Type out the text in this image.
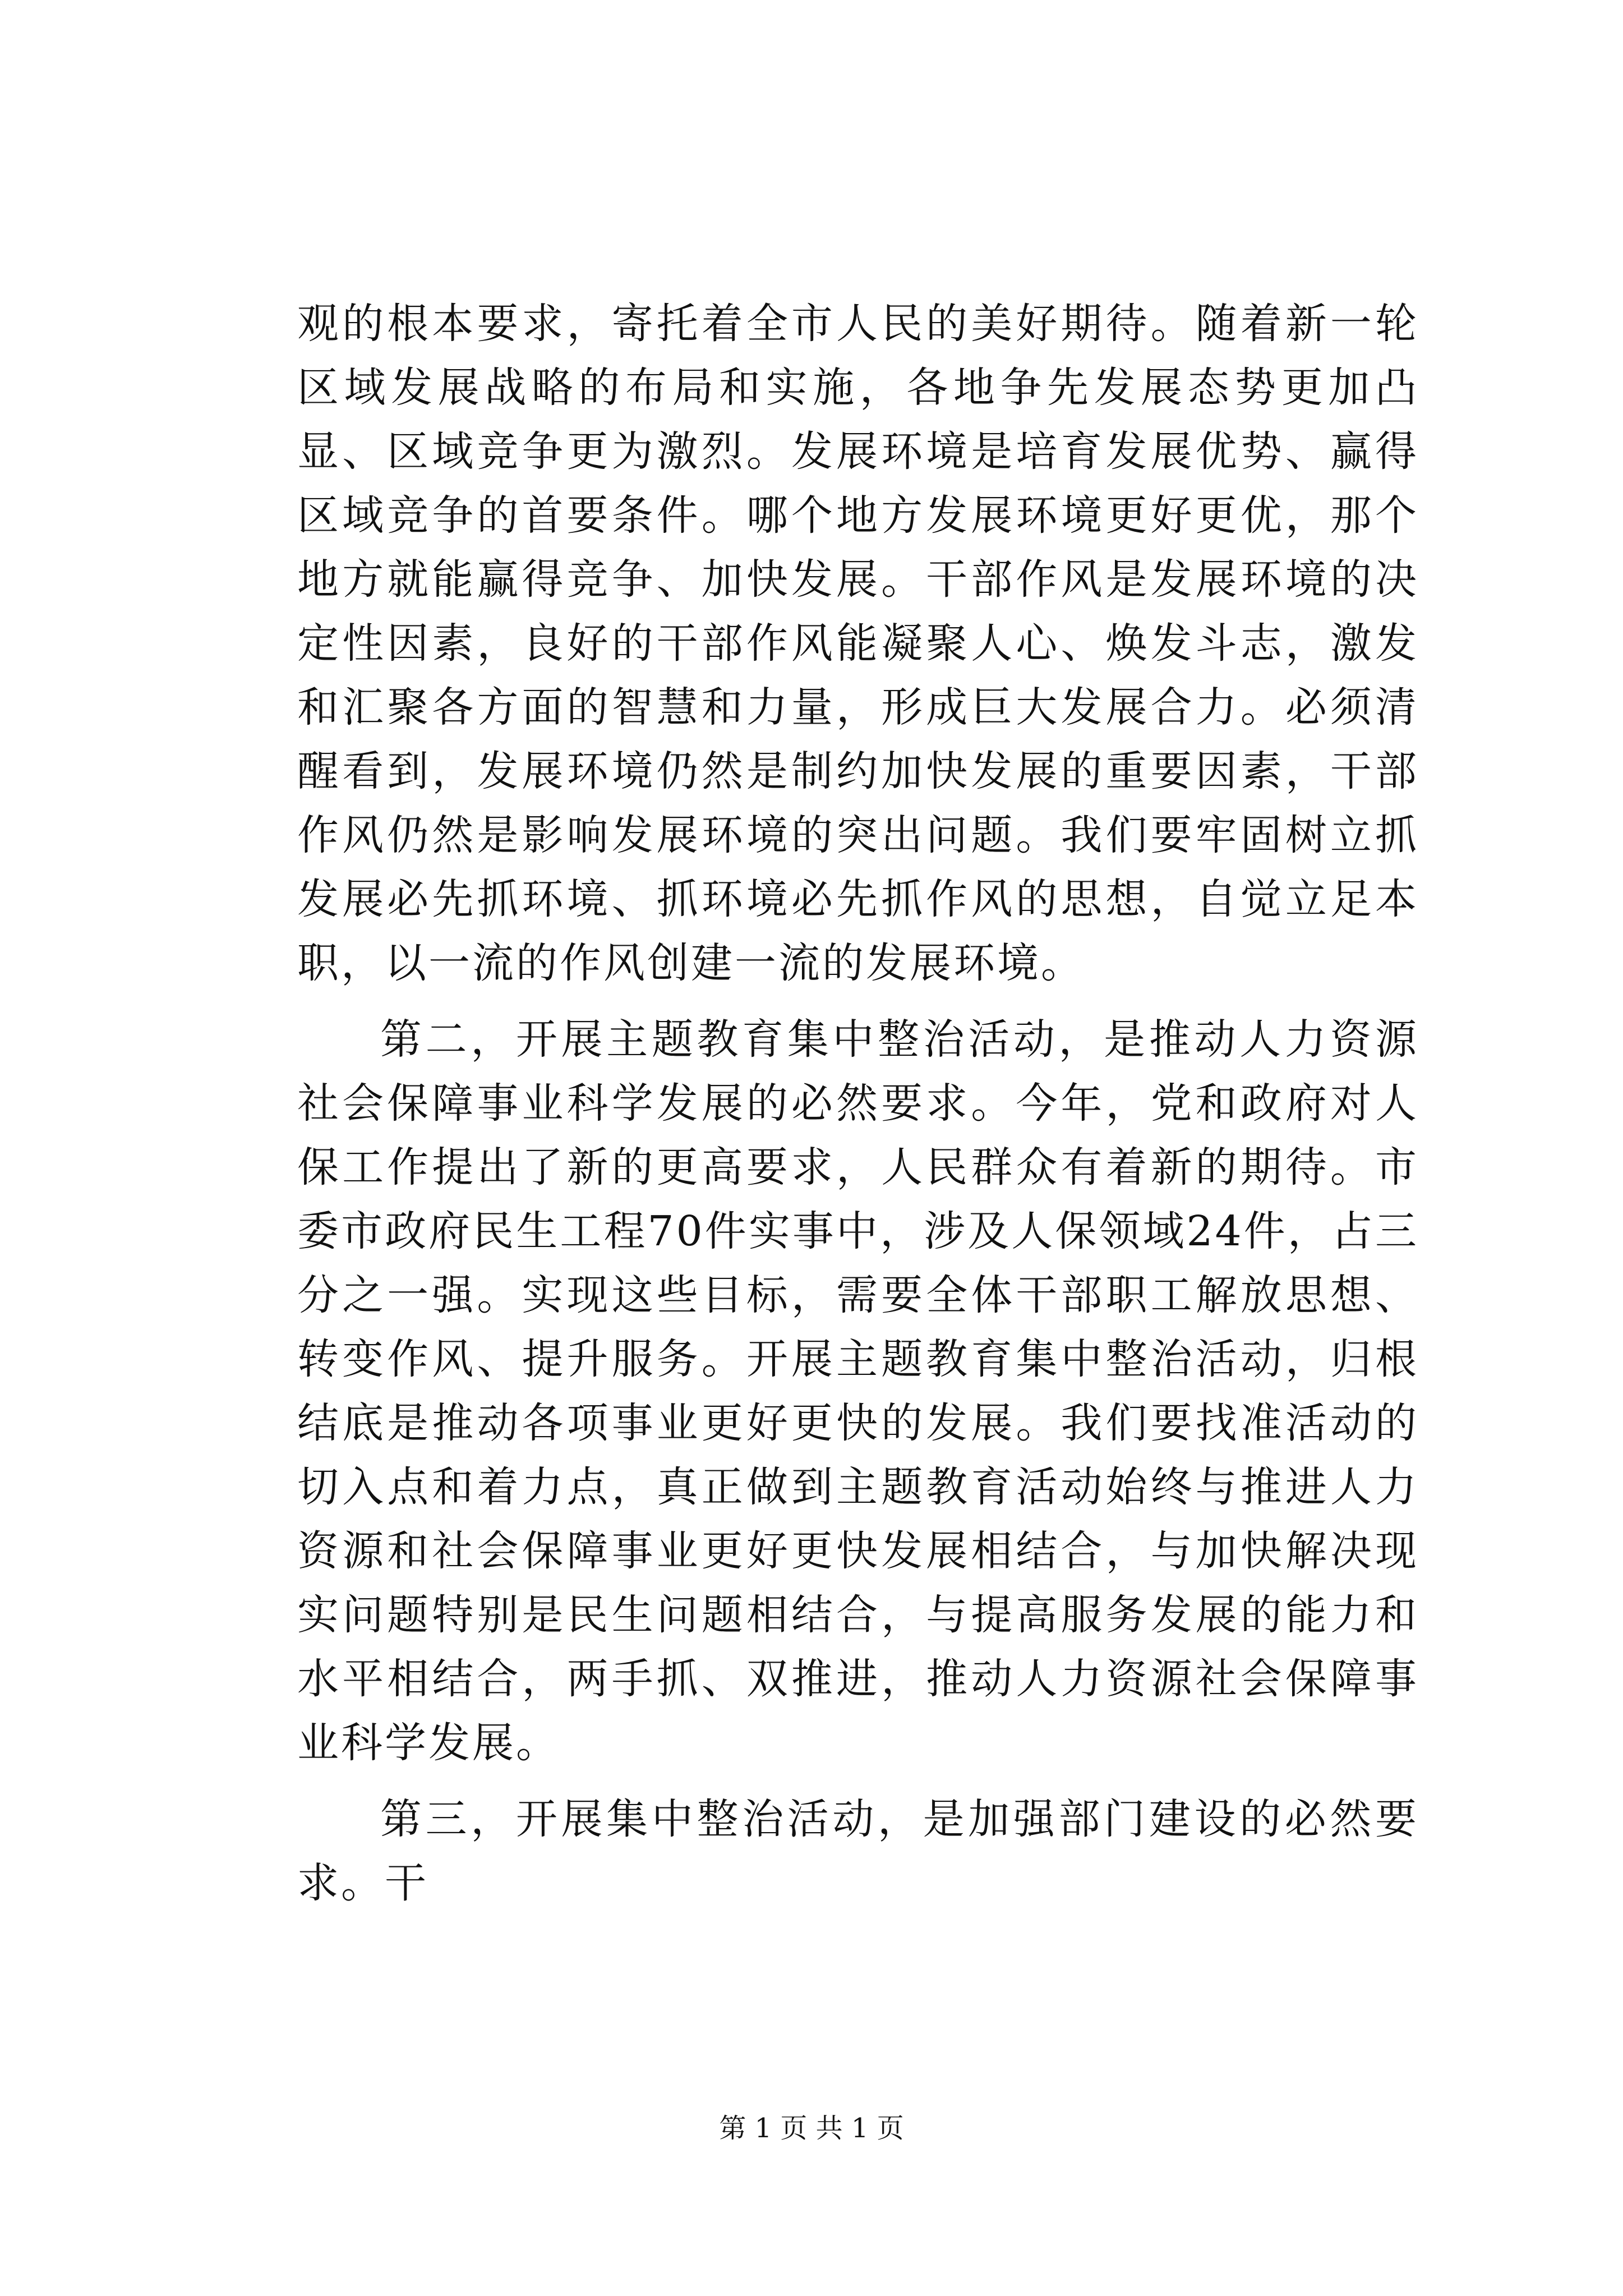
观的根本要求，寄托着全市人民的美好期待。随着新一轮区域发展战略的布局和实施，各地争先发展态势更加凸显、区域竞争更为激烈。发展环境是培育发展优势、赢得区域竞争的首要条件。哪个地方发展环境更好更优，那个地方就能赢得竞争、加快发展。干部作风是发展环境的决定性因素，良好的干部作风能凝聚人心、焕发斗志，激发和汇聚各方面的智慧和力量，形成巨大发展合力。必须清醒看到，发展环境仍然是制约加快发展的重要因素，干部作风仍然是影响发展环境的突出问题。我们要牢固树立抓发展必先抓环境、抓环境必先抓作风的思想，自觉立足本职，以一流的作风创建一流的发展环境。

第二，开展主题教育集中整治活动，是推动人力资源社会保障事业科学发展的必然要求。今年，党和政府对人保工作提出了新的更高要求，人民群众有着新的期待。市委市政府民生工程70件实事中，涉及人保领域24件，占三分之一强。实现这些目标，需要全体干部职工解放思想、转变作风、提升服务。开展主题教育集中整治活动，归根结底是推动各项事业更好更快的发展。我们要找准活动的切入点和着力点，真正做到主题教育活动始终与推进人力资源和社会保障事业更好更快发展相结合，与加快解决现实问题特别是民生问题相结合，与提高服务发展的能力和水平相结合，两手抓、双推进，推动人力资源社会保障事业科学发展。

第三，开展集中整治活动，是加强部门建设的必然要求。干

第 1 页 共 1 页
